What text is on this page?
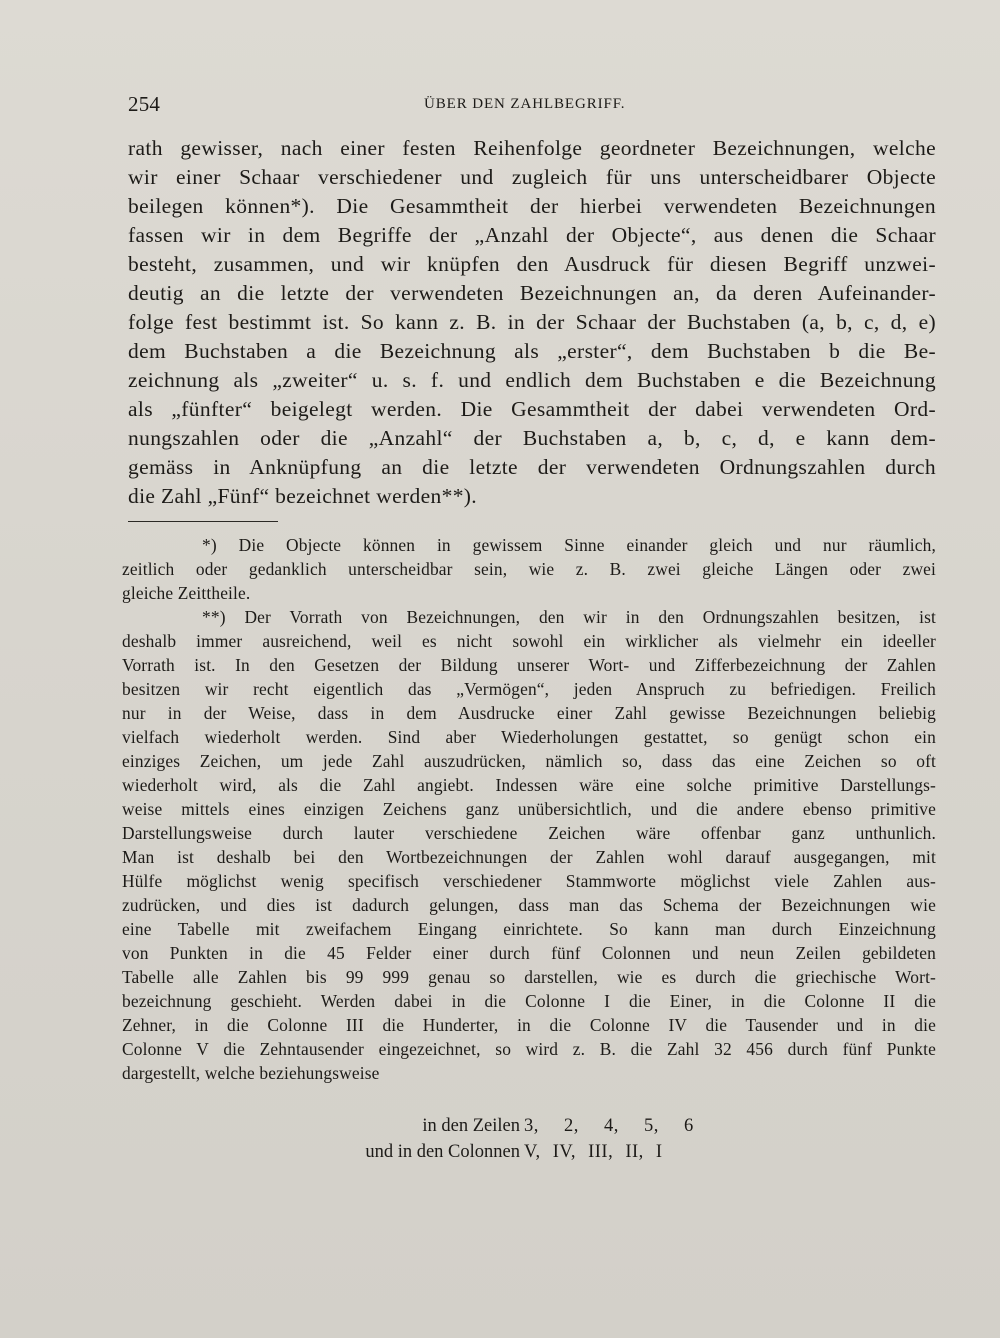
254	ÜBER DEN ZAHLBEGRIFF.
rath gewisser, nach einer festen Reihenfolge geordneter Bezeichnungen, welche
wir einer Schaar verschiedener und zugleich für uns unterscheidbarer Objecte
beilegen können*). Die Gesammtheit der hierbei verwendeten Bezeichnungen
fassen wir in dem Begriffe der „Anzahl der Objecte“, aus denen die Schaar
besteht, zusammen, und wir knüpfen den Ausdruck für diesen Begriff unzwei-
deutig an die letzte der verwendeten Bezeichnungen an, da deren Aufeinander-
folge fest bestimmt ist. So kann z. B. in der Schaar der Buchstaben (a, b, c, d, e)
dem Buchstaben a die Bezeichnung als „erster“, dem Buchstaben b die Be-
zeichnung als „zweiter“ u. s. f. und endlich dem Buchstaben e die Bezeichnung
als „fünfter“ beigelegt werden. Die Gesammtheit der dabei verwendeten Ord-
nungszahlen oder die „Anzahl“ der Buchstaben a, b, c, d, e kann dem-
gemäss in Anknüpfung an die letzte der verwendeten Ordnungszahlen durch
die Zahl „Fünf“ bezeichnet werden**).
*) Die Objecte können in gewissem Sinne einander gleich und nur räumlich,
zeitlich oder gedanklich unterscheidbar sein, wie z. B. zwei gleiche Längen oder zwei
gleiche Zeittheile.
**) Der Vorrath von Bezeichnungen, den wir in den Ordnungszahlen besitzen, ist
deshalb immer ausreichend, weil es nicht sowohl ein wirklicher als vielmehr ein ideeller
Vorrath ist. In den Gesetzen der Bildung unserer Wort- und Zifferbezeichnung der Zahlen
besitzen wir recht eigentlich das „Vermögen“, jeden Anspruch zu befriedigen. Freilich
nur in der Weise, dass in dem Ausdrucke einer Zahl gewisse Bezeichnungen beliebig
vielfach wiederholt werden. Sind aber Wiederholungen gestattet, so genügt schon ein
einziges Zeichen, um jede Zahl auszudrücken, nämlich so, dass das eine Zeichen so oft
wiederholt wird, als die Zahl angiebt. Indessen wäre eine solche primitive Darstellungs-
weise mittels eines einzigen Zeichens ganz unübersichtlich, und die andere ebenso primitive
Darstellungsweise durch lauter verschiedene Zeichen wäre offenbar ganz unthunlich.
Man ist deshalb bei den Wortbezeichnungen der Zahlen wohl darauf ausgegangen, mit
Hülfe möglichst wenig specifisch verschiedener Stammworte möglichst viele Zahlen aus-
zudrücken, und dies ist dadurch gelungen, dass man das Schema der Bezeichnungen wie
eine Tabelle mit zweifachem Eingang einrichtete. So kann man durch Einzeichnung
von Punkten in die 45 Felder einer durch fünf Colonnen und neun Zeilen gebildeten
Tabelle alle Zahlen bis 99 999 genau so darstellen, wie es durch die griechische Wort-
bezeichnung geschieht. Werden dabei in die Colonne I die Einer, in die Colonne II die
Zehner, in die Colonne III die Hunderter, in die Colonne IV die Tausender und in die
Colonne V die Zehntausender eingezeichnet, so wird z. B. die Zahl 32 456 durch fünf Punkte
dargestellt, welche beziehungsweise
in den Zeilen 3, 2, 4, 5, 6
und in den Colonnen V, IV, III, II, I
